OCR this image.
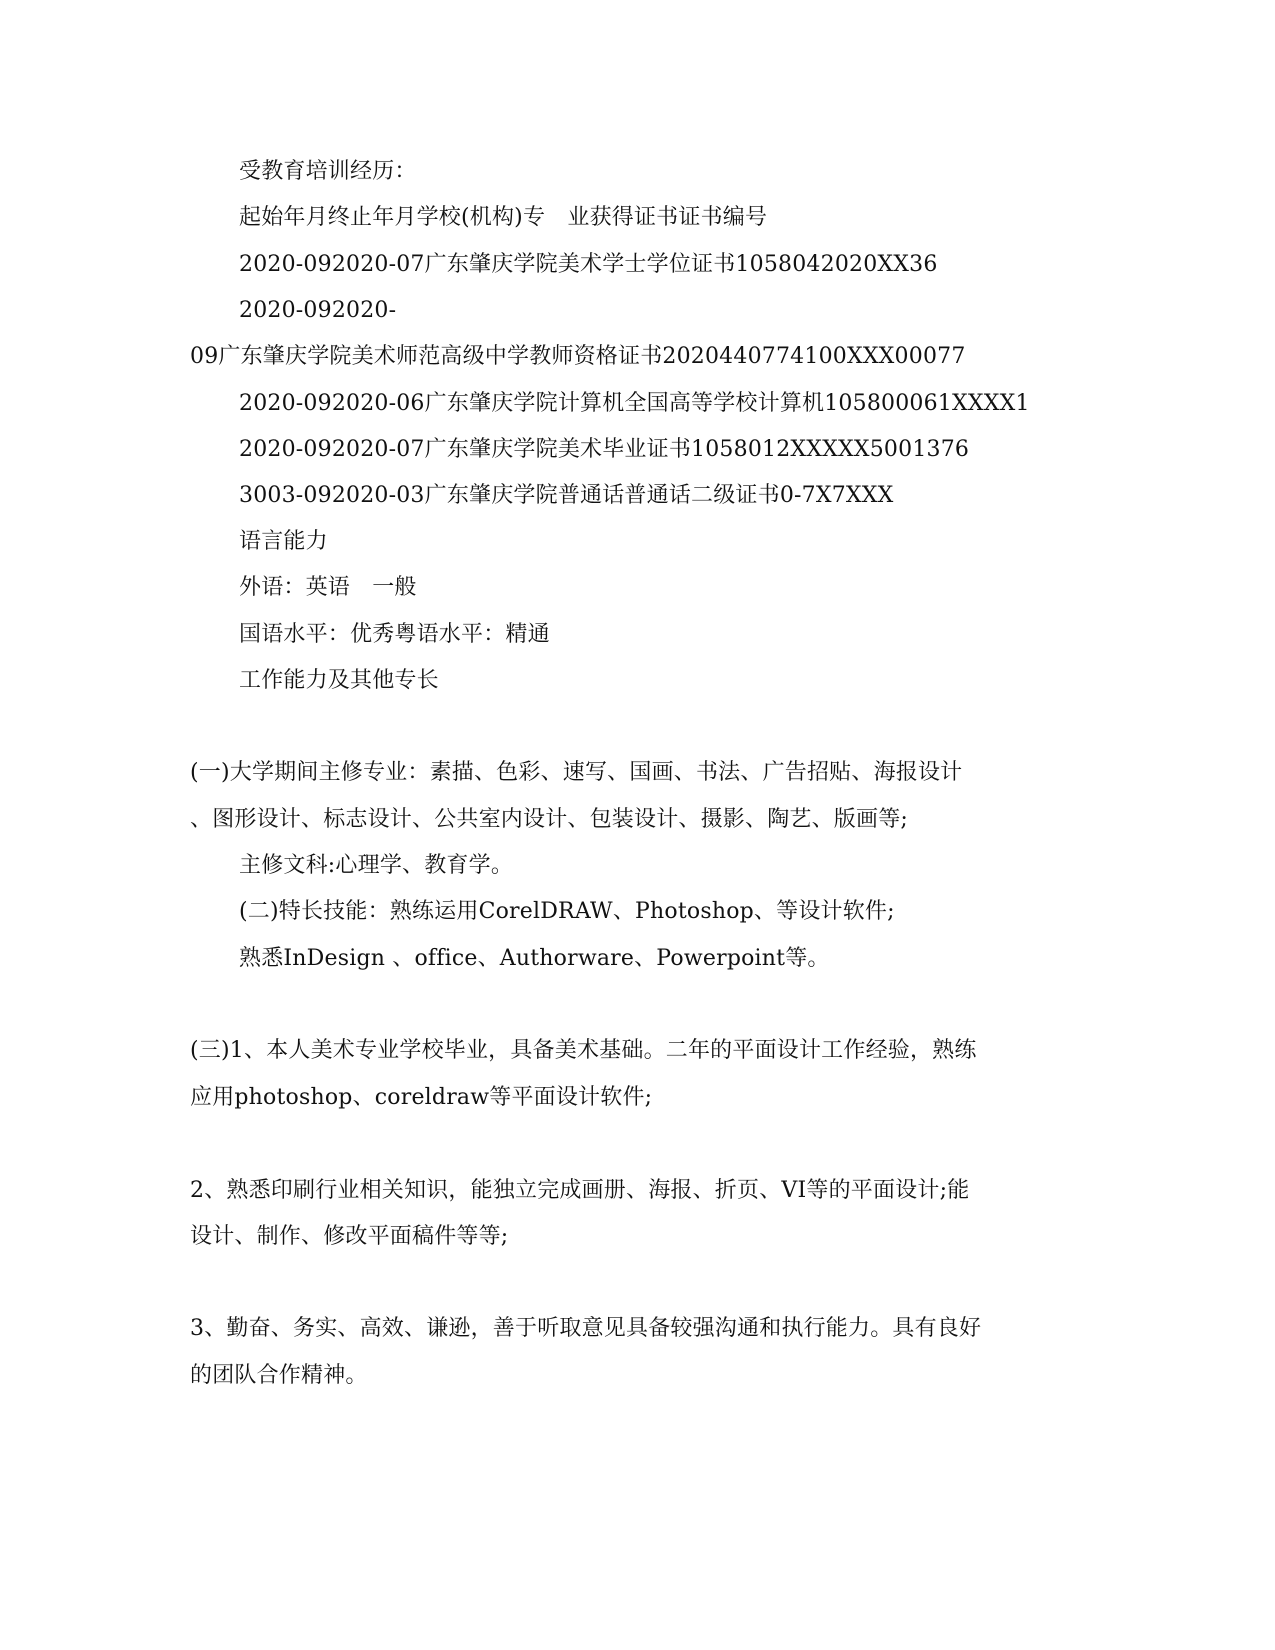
受教育培训经历：
起始年月终止年月学校(机构)专　业获得证书证书编号
2020-092020-07广东肇庆学院美术学士学位证书1058042020XX36
2020-092020-
09广东肇庆学院美术师范高级中学教师资格证书2020440774100XXX00077
2020-092020-06广东肇庆学院计算机全国高等学校计算机105800061XXXX1
2020-092020-07广东肇庆学院美术毕业证书1058012XXXXX5001376
3003-092020-03广东肇庆学院普通话普通话二级证书0-7X7XXX
语言能力
外语：英语　一般
国语水平：优秀粤语水平：精通
工作能力及其他专长
(一)大学期间主修专业：素描、色彩、速写、国画、书法、广告招贴、海报设计
、图形设计、标志设计、公共室内设计、包装设计、摄影、陶艺、版画等;
主修文科:心理学、教育学。
(二)特长技能：熟练运用CorelDRAW、Photoshop、等设计软件;
熟悉InDesign 、office、Authorware、Powerpoint等。
(三)1、本人美术专业学校毕业，具备美术基础。二年的平面设计工作经验，熟练
应用photoshop、coreldraw等平面设计软件;
2、熟悉印刷行业相关知识，能独立完成画册、海报、折页、VI等的平面设计;能
设计、制作、修改平面稿件等等;
3、勤奋、务实、高效、谦逊，善于听取意见具备较强沟通和执行能力。具有良好
的团队合作精神。
